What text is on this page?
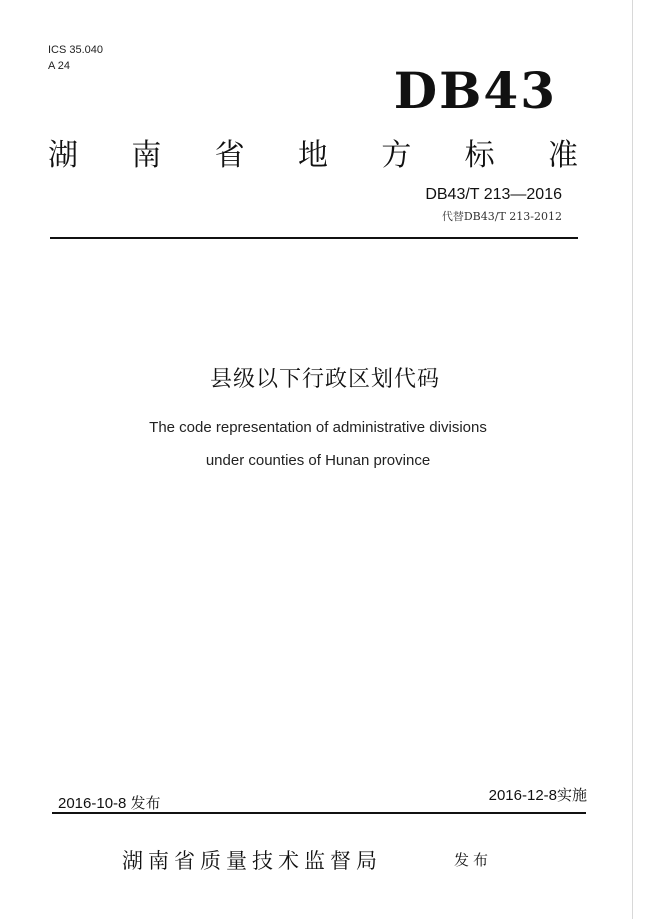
ICS 35.040
A 24	DB43
湖 南 省 地 方 标 准
DB43/T 213—2016
代替DB43/T 213-2012
县级以下行政区划代码
The code representation of administrative divisions
under counties of Hunan province
2016-10-8 发布	2016-12-8实施
湖南省质量技术监督局	发布
